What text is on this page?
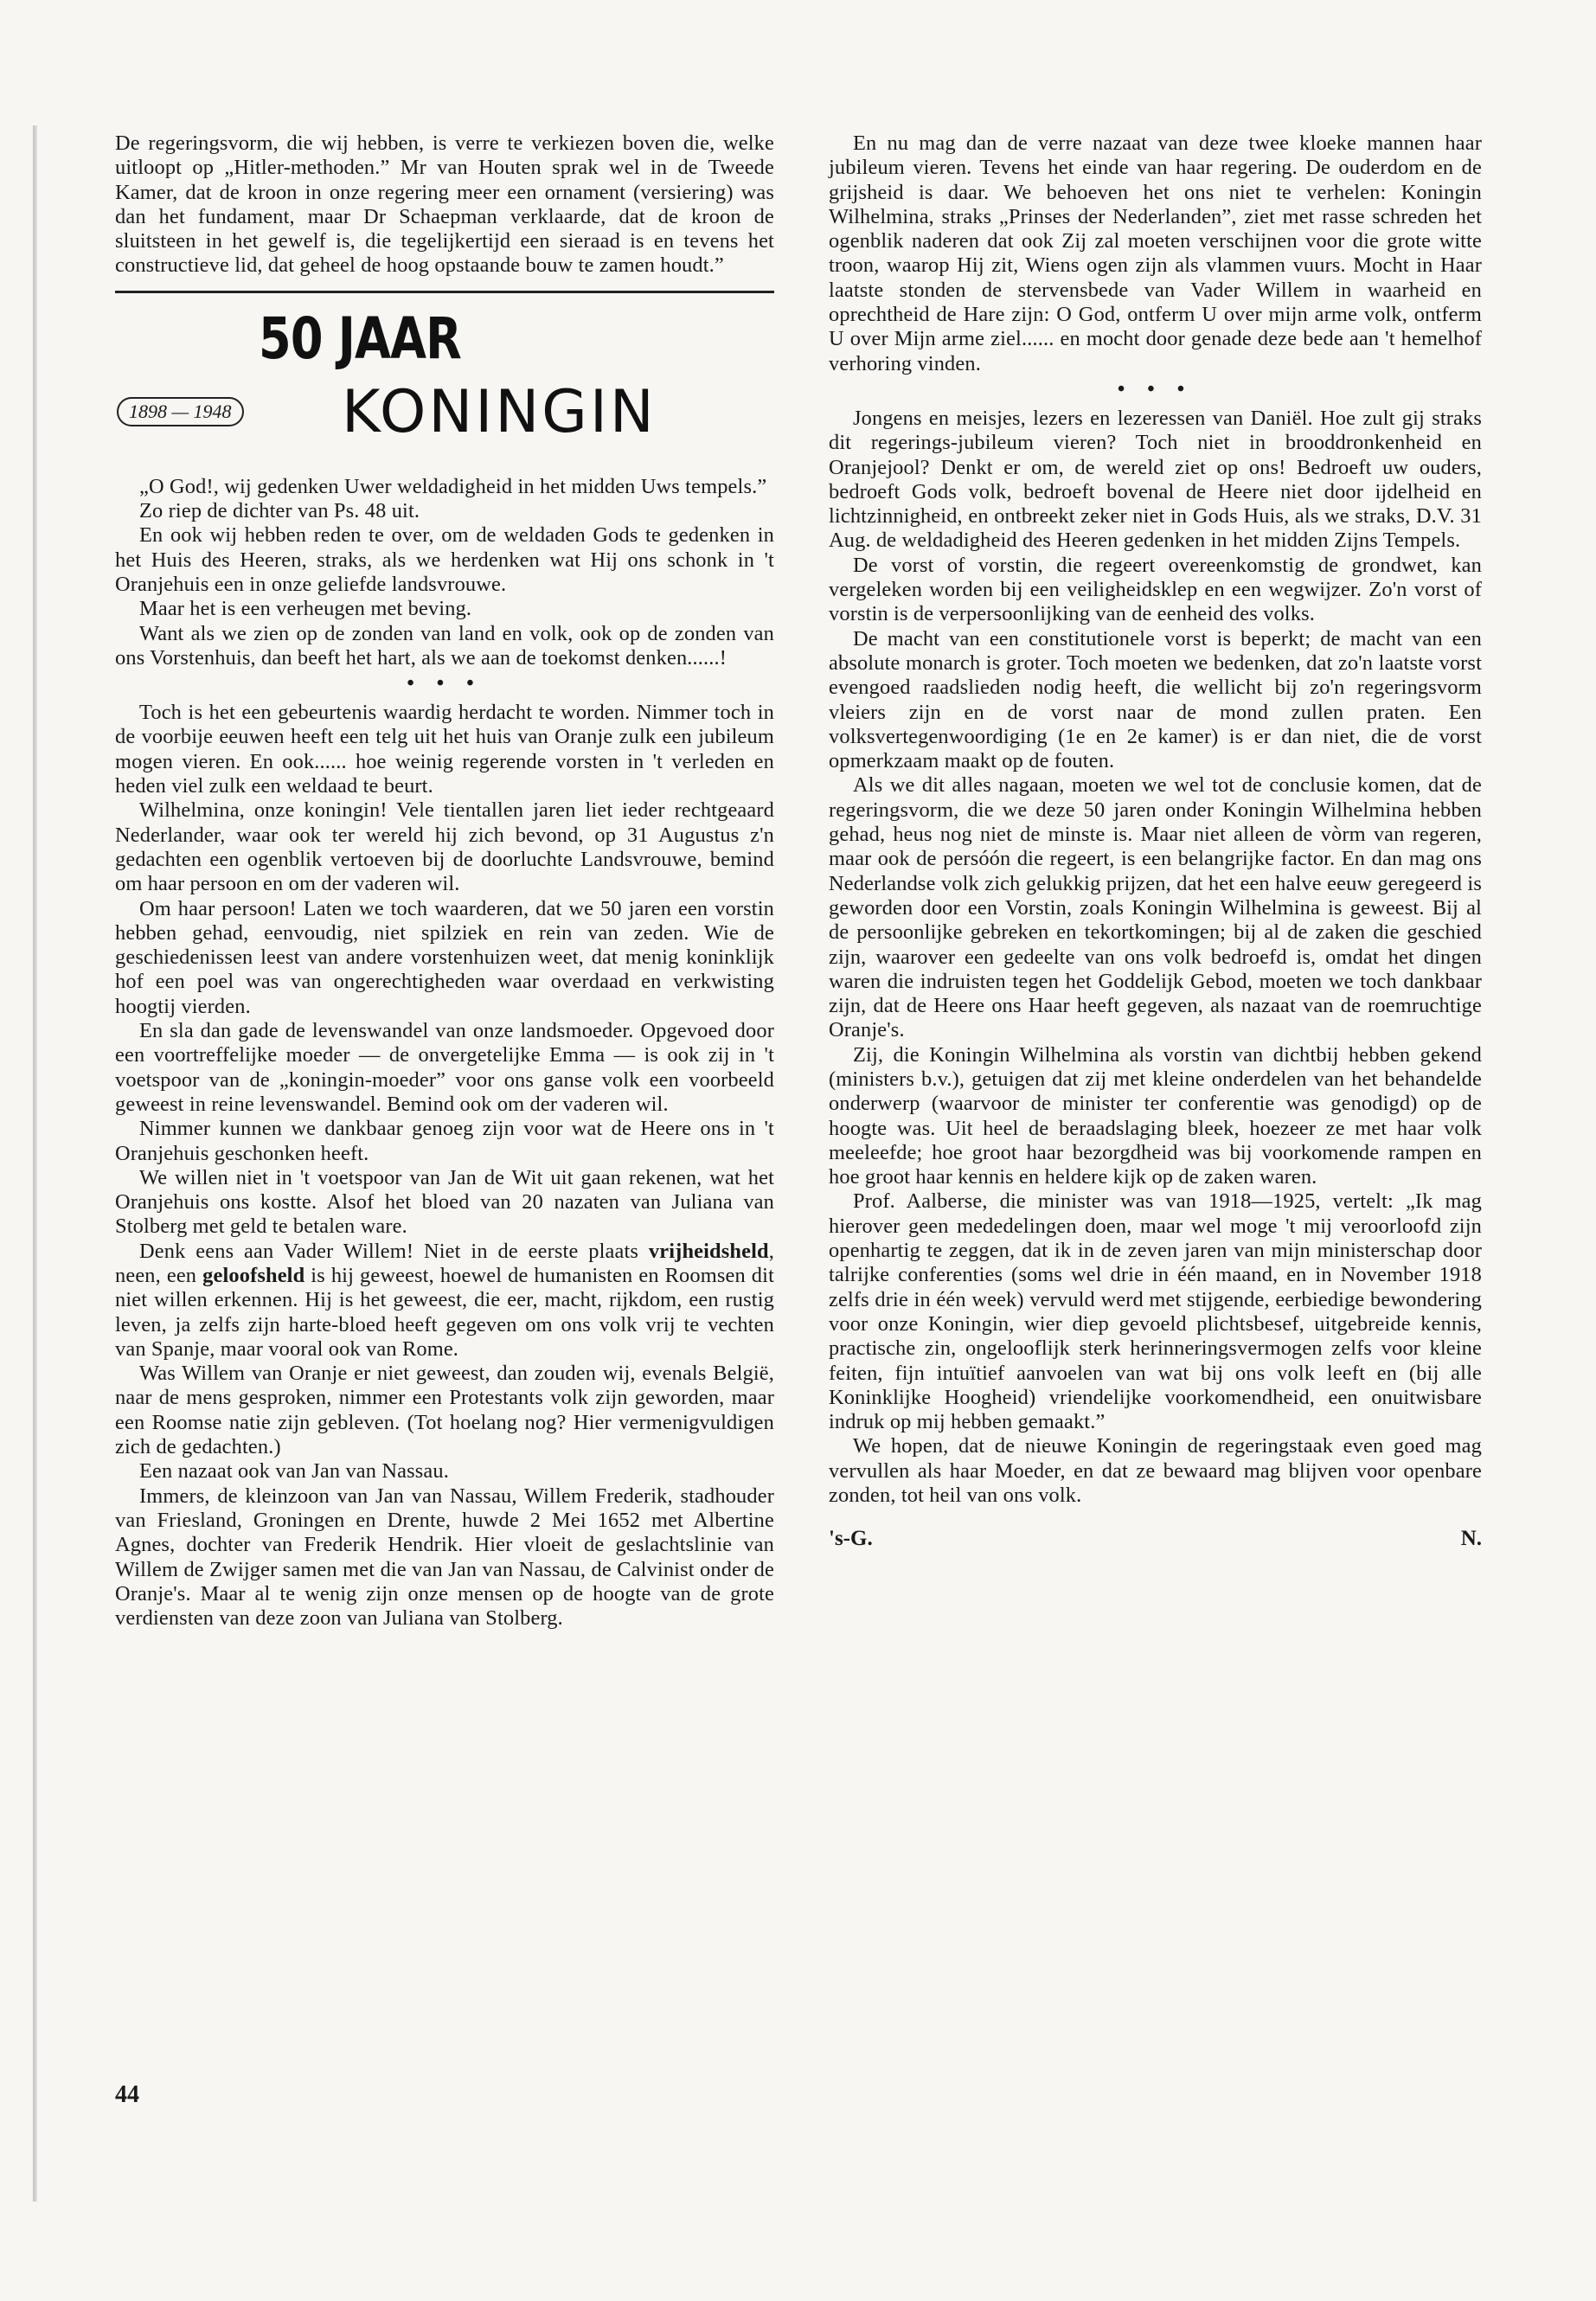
De regeringsvorm, die wij hebben, is verre te verkiezen boven die, welke uitloopt op „Hitler-methoden.” Mr van Houten sprak wel in de Tweede Kamer, dat de kroon in onze regering meer een ornament (versiering) was dan het fundament, maar Dr Schaepman verklaarde, dat de kroon de sluitsteen in het gewelf is, die tegelijkertijd een sieraad is en tevens het constructieve lid, dat geheel de hoog opstaande bouw te zamen houdt.”

50 JAAR
1898 — 1948 KONINGIN

„O God!, wij gedenken Uwer weldadigheid in het midden Uws tempels.”

Zo riep de dichter van Ps. 48 uit.

En ook wij hebben reden te over, om de weldaden Gods te gedenken in het Huis des Heeren, straks, als we herdenken wat Hij ons schonk in 't Oranjehuis een in onze geliefde landsvrouwe.

Maar het is een verheugen met beving.

Want als we zien op de zonden van land en volk, ook op de zonden van ons Vorstenhuis, dan beeft het hart, als we aan de toekomst denken......!

• • •

Toch is het een gebeurtenis waardig herdacht te worden. Nimmer toch in de voorbije eeuwen heeft een telg uit het huis van Oranje zulk een jubileum mogen vieren. En ook...... hoe weinig regerende vorsten in 't verleden en heden viel zulk een weldaad te beurt.

Wilhelmina, onze koningin! Vele tientallen jaren liet ieder rechtgeaard Nederlander, waar ook ter wereld hij zich bevond, op 31 Augustus z'n gedachten een ogenblik vertoeven bij de doorluchte Landsvrouwe, bemind om haar persoon en om der vaderen wil.

Om haar persoon! Laten we toch waarderen, dat we 50 jaren een vorstin hebben gehad, eenvoudig, niet spilziek en rein van zeden. Wie de geschiedenissen leest van andere vorstenhuizen weet, dat menig koninklijk hof een poel was van ongerechtigheden waar overdaad en verkwisting hoogtij vierden.

En sla dan gade de levenswandel van onze landsmoeder. Opgevoed door een voortreffelijke moeder — de onvergetelijke Emma — is ook zij in 't voetspoor van de „koningin-moeder” voor ons ganse volk een voorbeeld geweest in reine levenswandel. Bemind ook om der vaderen wil.

Nimmer kunnen we dankbaar genoeg zijn voor wat de Heere ons in 't Oranjehuis geschonken heeft.

We willen niet in 't voetspoor van Jan de Wit uit gaan rekenen, wat het Oranjehuis ons kostte. Alsof het bloed van 20 nazaten van Juliana van Stolberg met geld te betalen ware.

Denk eens aan Vader Willem! Niet in de eerste plaats vrijheidsheld, neen, een geloofsheld is hij geweest, hoewel de humanisten en Roomsen dit niet willen erkennen. Hij is het geweest, die eer, macht, rijkdom, een rustig leven, ja zelfs zijn harte-bloed heeft gegeven om ons volk vrij te vechten van Spanje, maar vooral ook van Rome.

Was Willem van Oranje er niet geweest, dan zouden wij, evenals België, naar de mens gesproken, nimmer een Protestants volk zijn geworden, maar een Roomse natie zijn gebleven. (Tot hoelang nog? Hier vermenigvuldigen zich de gedachten.)

Een nazaat ook van Jan van Nassau.

Immers, de kleinzoon van Jan van Nassau, Willem Frederik, stadhouder van Friesland, Groningen en Drente, huwde 2 Mei 1652 met Albertine Agnes, dochter van Frederik Hendrik. Hier vloeit de geslachtslinie van Willem de Zwijger samen met die van Jan van Nassau, de Calvinist onder de Oranje's. Maar al te wenig zijn onze mensen op de hoogte van de grote verdiensten van deze zoon van Juliana van Stolberg.

En nu mag dan de verre nazaat van deze twee kloeke mannen haar jubileum vieren. Tevens het einde van haar regering. De ouderdom en de grijsheid is daar. We behoeven het ons niet te verhelen: Koningin Wilhelmina, straks „Prinses der Nederlanden”, ziet met rasse schreden het ogenblik naderen dat ook Zij zal moeten verschijnen voor die grote witte troon, waarop Hij zit, Wiens ogen zijn als vlammen vuurs. Mocht in Haar laatste stonden de stervensbede van Vader Willem in waarheid en oprechtheid de Hare zijn: O God, ontferm U over mijn arme volk, ontferm U over Mijn arme ziel...... en mocht door genade deze bede aan 't hemelhof verhoring vinden.

• • •

Jongens en meisjes, lezers en lezeressen van Daniël. Hoe zult gij straks dit regerings-jubileum vieren? Toch niet in brooddronkenheid en Oranjejool? Denkt er om, de wereld ziet op ons! Bedroeft uw ouders, bedroeft Gods volk, bedroeft bovenal de Heere niet door ijdelheid en lichtzinnigheid, en ontbreekt zeker niet in Gods Huis, als we straks, D.V. 31 Aug. de weldadigheid des Heeren gedenken in het midden Zijns Tempels.

De vorst of vorstin, die regeert overeenkomstig de grondwet, kan vergeleken worden bij een veiligheidsklep en een wegwijzer. Zo'n vorst of vorstin is de verpersoonlijking van de eenheid des volks.

De macht van een constitutionele vorst is beperkt; de macht van een absolute monarch is groter. Toch moeten we bedenken, dat zo'n laatste vorst evengoed raadslieden nodig heeft, die wellicht bij zo'n regeringsvorm vleiers zijn en de vorst naar de mond zullen praten. Een volksvertegenwoordiging (1e en 2e kamer) is er dan niet, die de vorst opmerkzaam maakt op de fouten.

Als we dit alles nagaan, moeten we wel tot de conclusie komen, dat de regeringsvorm, die we deze 50 jaren onder Koningin Wilhelmina hebben gehad, heus nog niet de minste is. Maar niet alleen de vòrm van regeren, maar ook de persóón die regeert, is een belangrijke factor. En dan mag ons Nederlandse volk zich gelukkig prijzen, dat het een halve eeuw geregeerd is geworden door een Vorstin, zoals Koningin Wilhelmina is geweest. Bij al de persoonlijke gebreken en tekortkomingen; bij al de zaken die geschied zijn, waarover een gedeelte van ons volk bedroefd is, omdat het dingen waren die indruisten tegen het Goddelijk Gebod, moeten we toch dankbaar zijn, dat de Heere ons Haar heeft gegeven, als nazaat van de roemruchtige Oranje's.

Zij, die Koningin Wilhelmina als vorstin van dichtbij hebben gekend (ministers b.v.), getuigen dat zij met kleine onderdelen van het behandelde onderwerp (waarvoor de minister ter conferentie was genodigd) op de hoogte was. Uit heel de beraadslaging bleek, hoezeer ze met haar volk meeleefde; hoe groot haar bezorgdheid was bij voorkomende rampen en hoe groot haar kennis en heldere kijk op de zaken waren.

Prof. Aalberse, die minister was van 1918—1925, vertelt: „Ik mag hierover geen mededelingen doen, maar wel moge 't mij veroorloofd zijn openhartig te zeggen, dat ik in de zeven jaren van mijn ministerschap door talrijke conferenties (soms wel drie in één maand, en in November 1918 zelfs drie in één week) vervuld werd met stijgende, eerbiedige bewondering voor onze Koningin, wier diep gevoeld plichtsbesef, uitgebreide kennis, practische zin, ongelooflijk sterk herinneringsvermogen zelfs voor kleine feiten, fijn intuïtief aanvoelen van wat bij ons volk leeft en (bij alle Koninklijke Hoogheid) vriendelijke voorkomendheid, een onuitwisbare indruk op mij hebben gemaakt.”

We hopen, dat de nieuwe Koningin de regeringstaak even goed mag vervullen als haar Moeder, en dat ze bewaard mag blijven voor openbare zonden, tot heil van ons volk.

's-G.	N.
44
